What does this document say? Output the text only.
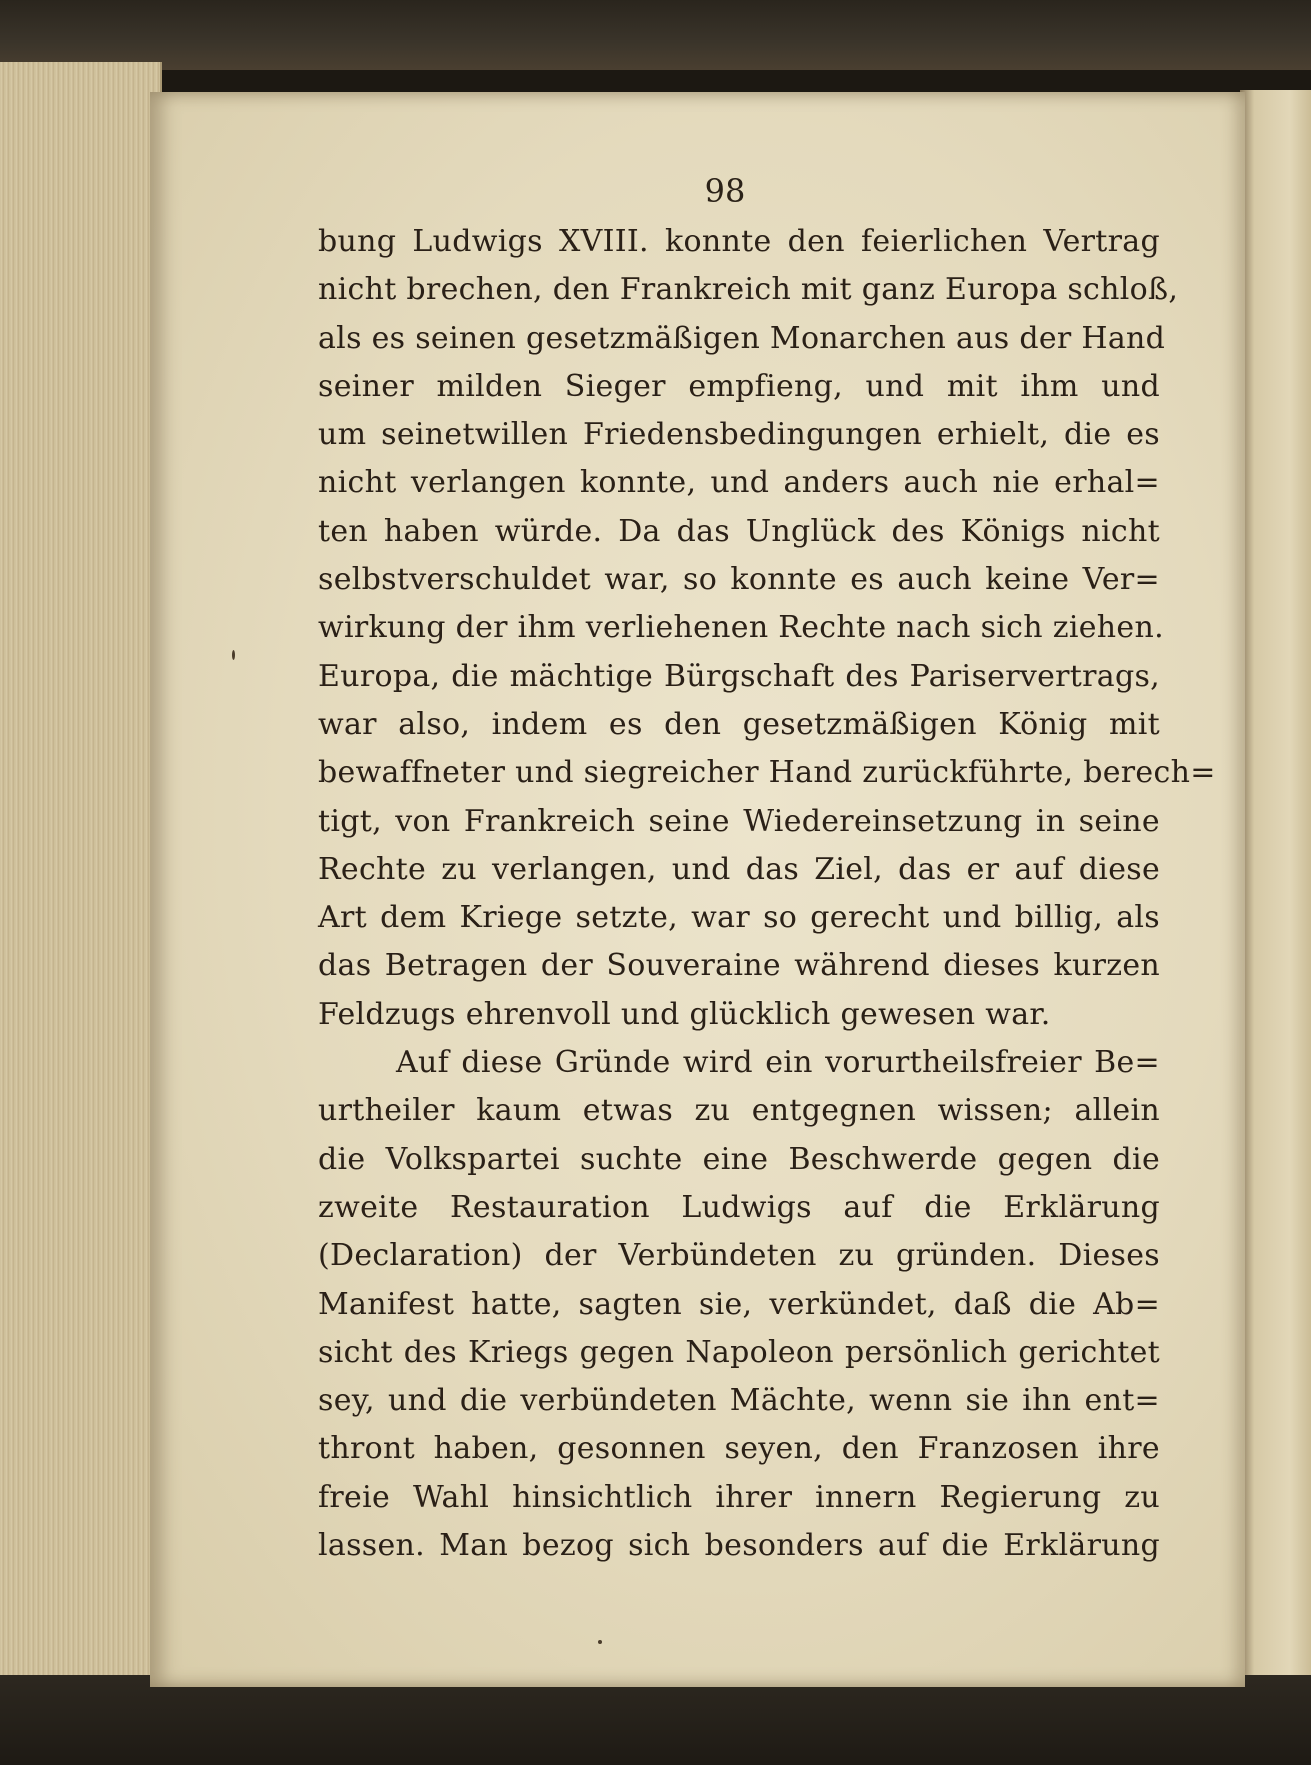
98
bung Ludwigs XVIII. konnte den feierlichen Vertrag
nicht brechen, den Frankreich mit ganz Europa schloß,
als es seinen gesetzmäßigen Monarchen aus der Hand
seiner milden Sieger empfieng, und mit ihm und
um seinetwillen Friedensbedingungen erhielt, die es
nicht verlangen konnte, und anders auch nie erhal=
ten haben würde. Da das Unglück des Königs nicht
selbstverschuldet war, so konnte es auch keine Ver=
wirkung der ihm verliehenen Rechte nach sich ziehen.
Europa, die mächtige Bürgschaft des Pariservertrags,
war also, indem es den gesetzmäßigen König mit
bewaffneter und siegreicher Hand zurückführte, berech=
tigt, von Frankreich seine Wiedereinsetzung in seine
Rechte zu verlangen, und das Ziel, das er auf diese
Art dem Kriege setzte, war so gerecht und billig, als
das Betragen der Souveraine während dieses kurzen
Feldzugs ehrenvoll und glücklich gewesen war.
Auf diese Gründe wird ein vorurtheilsfreier Be=
urtheiler kaum etwas zu entgegnen wissen; allein
die Volkspartei suchte eine Beschwerde gegen die
zweite Restauration Ludwigs auf die Erklärung
(Declaration) der Verbündeten zu gründen. Dieses
Manifest hatte, sagten sie, verkündet, daß die Ab=
sicht des Kriegs gegen Napoleon persönlich gerichtet
sey, und die verbündeten Mächte, wenn sie ihn ent=
thront haben, gesonnen seyen, den Franzosen ihre
freie Wahl hinsichtlich ihrer innern Regierung zu
lassen. Man bezog sich besonders auf die Erklärung
